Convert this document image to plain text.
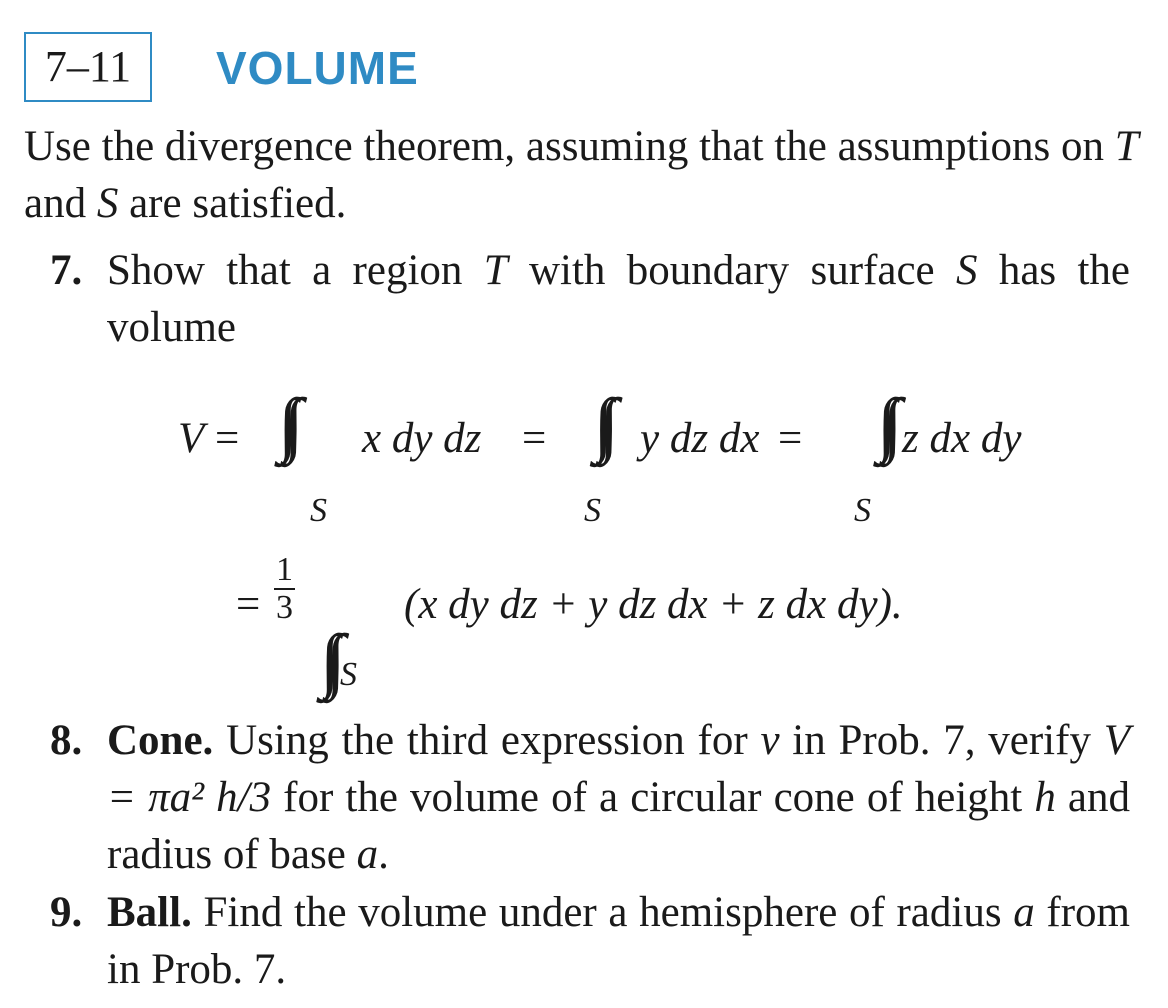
7–11	VOLUME
Use the divergence theorem, assuming that the assumptions on T and S are satisfied.
7. Show that a region T with boundary surface S has the volume
V = ∫∫
S
x dy dz = ∫∫
S
y dz dx = ∫∫
S
z dx dy
= $\frac{1}{3}$
∫∫ S
(x dy dz + y dz dx + z dx dy).
8. Cone. Using the third expression for v in Prob. 7, verify V = πa² h/3 for the volume of a circular cone of height h and radius of base a.
9. Ball. Find the volume under a hemisphere of radius a from in Prob. 7.
